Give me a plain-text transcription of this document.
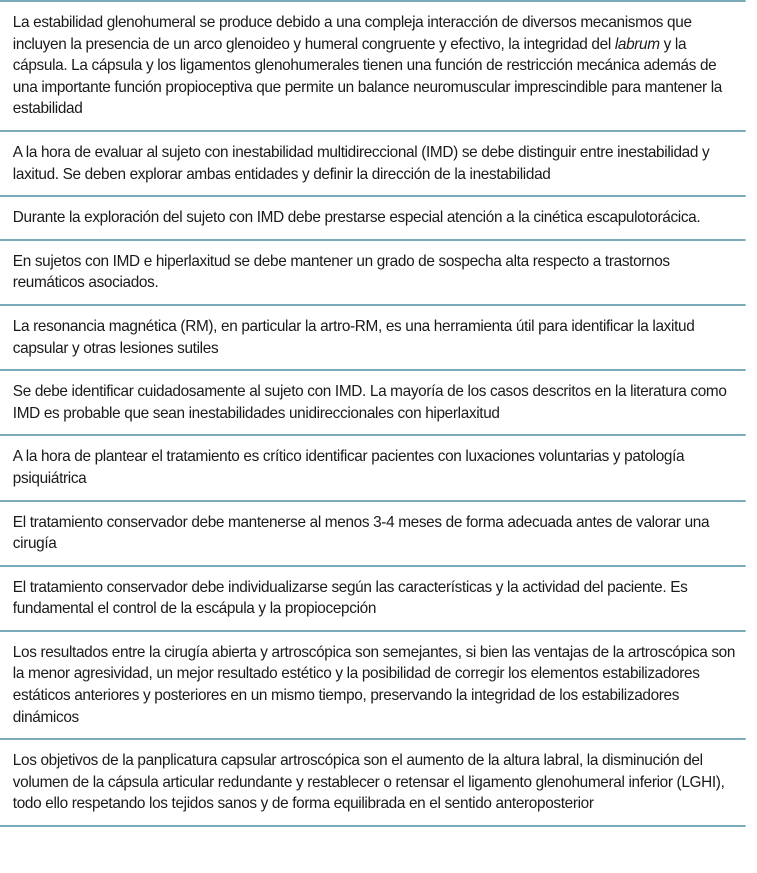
La estabilidad glenohumeral se produce debido a una compleja interacción de diversos mecanismos que incluyen la presencia de un arco glenoideo y humeral congruente y efectivo, la integridad del labrum y la cápsula. La cápsula y los ligamentos glenohumerales tienen una función de restricción mecánica además de una importante función propioceptiva que permite un balance neuromuscular imprescindible para mantener la estabilidad
A la hora de evaluar al sujeto con inestabilidad multidireccional (IMD) se debe distinguir entre inestabilidad y laxitud. Se deben explorar ambas entidades y definir la dirección de la inestabilidad
Durante la exploración del sujeto con IMD debe prestarse especial atención a la cinética escapulotorácica.
En sujetos con IMD e hiperlaxitud se debe mantener un grado de sospecha alta respecto a trastornos reumáticos asociados.
La resonancia magnética (RM), en particular la artro-RM, es una herramienta útil para identificar la laxitud capsular y otras lesiones sutiles
Se debe identificar cuidadosamente al sujeto con IMD. La mayoría de los casos descritos en la literatura como IMD es probable que sean inestabilidades unidireccionales con hiperlaxitud
A la hora de plantear el tratamiento es crítico identificar pacientes con luxaciones voluntarias y patología psiquiátrica
El tratamiento conservador debe mantenerse al menos 3-4 meses de forma adecuada antes de valorar una cirugía
El tratamiento conservador debe individualizarse según las características y la actividad del paciente. Es fundamental el control de la escápula y la propiocepción
Los resultados entre la cirugía abierta y artroscópica son semejantes, si bien las ventajas de la artroscópica son la menor agresividad, un mejor resultado estético y la posibilidad de corregir los elementos estabilizadores estáticos anteriores y posteriores en un mismo tiempo, preservando la integridad de los estabilizadores dinámicos
Los objetivos de la panplicatura capsular artroscópica son el aumento de la altura labral, la disminución del volumen de la cápsula articular redundante y restablecer o retensar el ligamento glenohumeral inferior (LGHI), todo ello respetando los tejidos sanos y de forma equilibrada en el sentido anteroposterior
